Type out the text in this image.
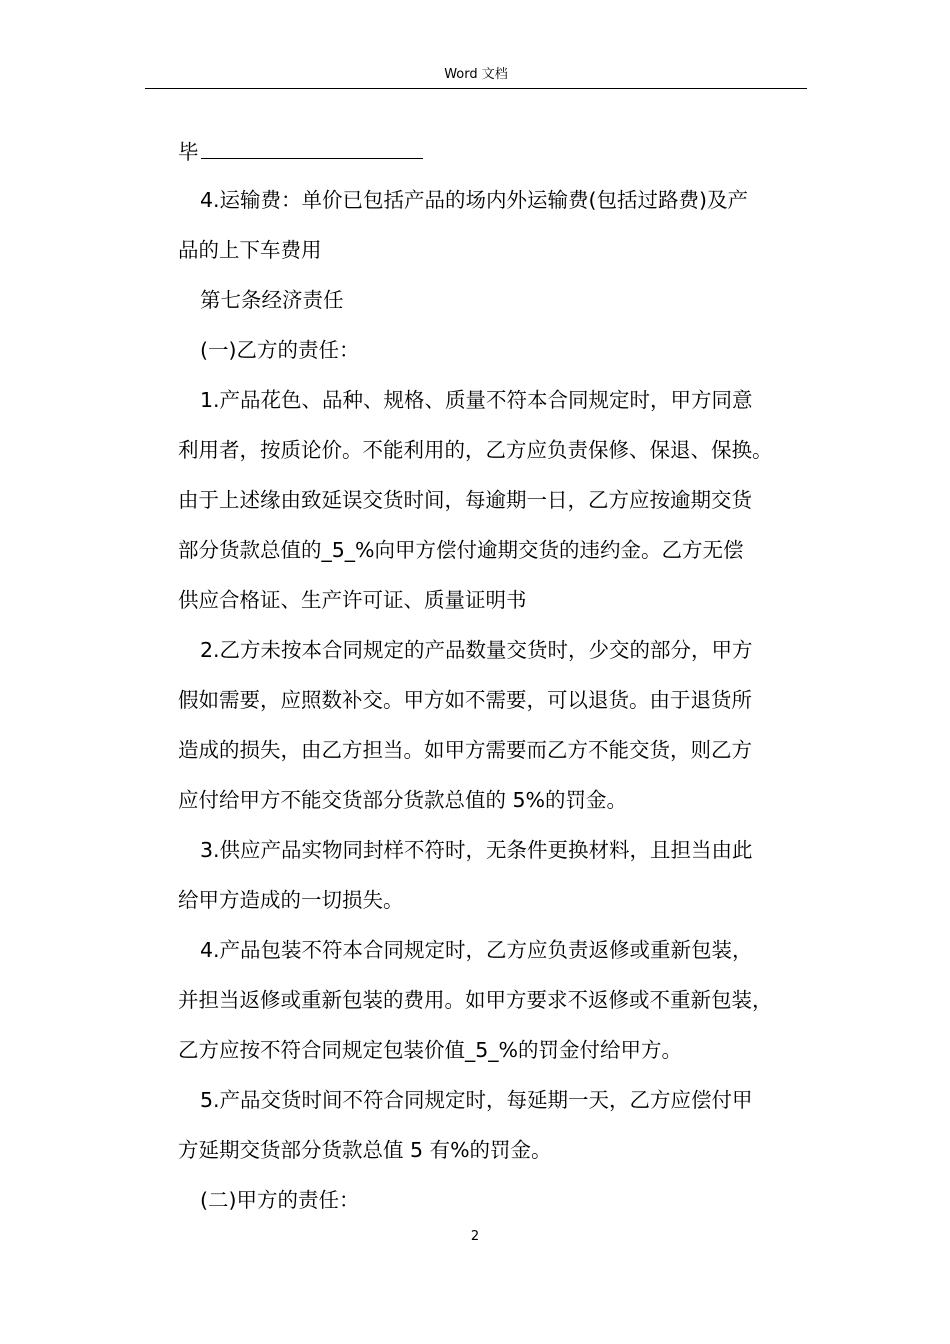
Word 文档
毕
4.运输费：单价已包括产品的场内外运输费(包括过路费)及产
品的上下车费用
第七条经济责任
(一)乙方的责任：
1.产品花色、品种、规格、质量不符本合同规定时，甲方同意
利用者，按质论价。不能利用的，乙方应负责保修、保退、保换。
由于上述缘由致延误交货时间，每逾期一日，乙方应按逾期交货
部分货款总值的_5_%向甲方偿付逾期交货的违约金。乙方无偿
供应合格证、生产许可证、质量证明书
2.乙方未按本合同规定的产品数量交货时，少交的部分，甲方
假如需要，应照数补交。甲方如不需要，可以退货。由于退货所
造成的损失，由乙方担当。如甲方需要而乙方不能交货，则乙方
应付给甲方不能交货部分货款总值的 5%的罚金。
3.供应产品实物同封样不符时，无条件更换材料，且担当由此
给甲方造成的一切损失。
4.产品包装不符本合同规定时，乙方应负责返修或重新包装，
并担当返修或重新包装的费用。如甲方要求不返修或不重新包装，
乙方应按不符合同规定包装价值_5_%的罚金付给甲方。
5.产品交货时间不符合同规定时，每延期一天，乙方应偿付甲
方延期交货部分货款总值 5 有%的罚金。
(二)甲方的责任：
2
